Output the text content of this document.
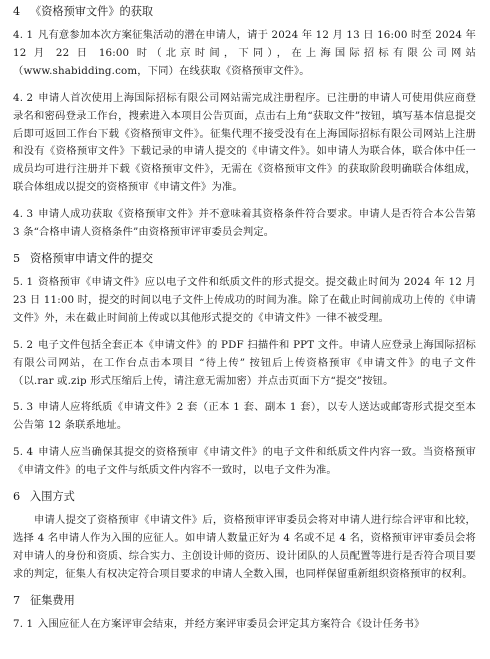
4 《资格预审文件》的获取

4. 1 凡有意参加本次方案征集活动的潜在申请人，请于 2024 年 12 月 13 日 16:00 时至 2024 年 12 月 22 日 16:00 时（北京时间，下同），在上海国际招标有限公司网站（www.shabidding.com，下同）在线获取《资格预审文件》。

4. 2 申请人首次使用上海国际招标有限公司网站需完成注册程序。已注册的申请人可使用供应商登录名和密码登录工作台，搜索进入本项目公告页面，点击右上角“获取文件”按钮，填写基本信息提交后即可返回工作台下载《资格预审文件》。征集代理不接受没有在上海国际招标有限公司网站上注册和没有《资格预审文件》下载记录的申请人提交的《申请文件》。如申请人为联合体，联合体中任一成员均可进行注册并下载《资格预审文件》，无需在《资格预审文件》的获取阶段明确联合体组成，联合体组成以提交的资格预审《申请文件》为准。

4. 3 申请人成功获取《资格预审文件》并不意味着其资格条件符合要求。申请人是否符合本公告第 3 条“合格申请人资格条件”由资格预审评审委员会判定。

5 资格预审申请文件的提交

5. 1 资格预审《申请文件》应以电子文件和纸质文件的形式提交。提交截止时间为 2024 年 12 月 23 日 11:00 时，提交的时间以电子文件上传成功的时间为准。除了在截止时间前成功上传的《申请文件》外，未在截止时间前上传或以其他形式提交的《申请文件》一律不被受理。

5. 2 电子文件包括全套正本《申请文件》的 PDF 扫描件和 PPT 文件。申请人应登录上海国际招标有限公司网站，在工作台点击本项目 “待上传” 按钮后上传资格预审《申请文件》的电子文件（以.rar 或.zip 形式压缩后上传，请注意无需加密）并点击页面下方“提交”按钮。

5. 3 申请人应将纸质《申请文件》2 套（正本 1 套、副本 1 套），以专人送达或邮寄形式提交至本公告第 12 条联系地址。

5. 4 申请人应当确保其提交的资格预审《申请文件》的电子文件和纸质文件内容一致。当资格预审《申请文件》的电子文件与纸质文件内容不一致时，以电子文件为准。

6 入围方式

申请人提交了资格预审《申请文件》后，资格预审评审委员会将对申请人进行综合评审和比较，选择 4 名申请人作为入围的应征人。如申请人数量正好为 4 名或不足 4 名，资格预审评审委员会将对申请人的身份和资质、综合实力、主创设计师的资历、设计团队的人员配置等进行是否符合项目要求的判定，征集人有权决定符合项目要求的申请人全数入围，也同样保留重新组织资格预审的权利。

7 征集费用

7. 1 入围应征人在方案评审会结束，并经方案评审委员会评定其方案符合《设计任务书》
